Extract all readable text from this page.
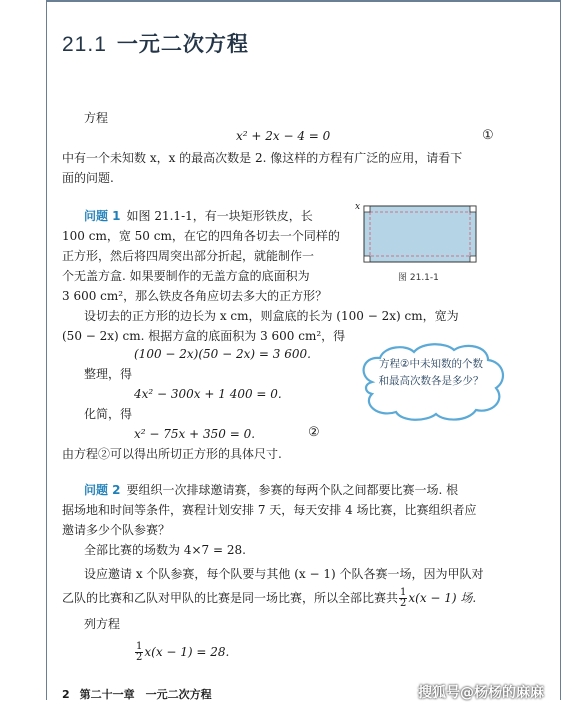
21.1 一元二次方程
方程
x² + 2x − 4 = 0	①
中有一个未知数 x，x 的最高次数是 2. 像这样的方程有广泛的应用，请看下
面的问题.
问题 1 如图 21.1-1，有一块矩形铁皮，长
100 cm，宽 50 cm，在它的四角各切去一个同样的
正方形，然后将四周突出部分折起，就能制作一
个无盖方盒. 如果要制作的无盖方盒的底面积为
3 600 cm²，那么铁皮各角应切去多大的正方形？
x
图 21.1-1
设切去的正方形的边长为 x cm，则盒底的长为 (100 − 2x) cm，宽为
(50 − 2x) cm. 根据方盒的底面积为 3 600 cm²，得
(100 − 2x)(50 − 2x) = 3 600.
整理，得
4x² − 300x + 1 400 = 0.
化简，得
x² − 75x + 350 = 0.	②
由方程②可以得出所切正方形的具体尺寸.
方程②中未知数的个数和最高次数各是多少？
问题 2 要组织一次排球邀请赛，参赛的每两个队之间都要比赛一场. 根
据场地和时间等条件，赛程计划安排 7 天，每天安排 4 场比赛，比赛组织者应
邀请多少个队参赛？
全部比赛的场数为 4×7 = 28.
设应邀请 x 个队参赛，每个队要与其他 (x − 1) 个队各赛一场，因为甲队对
乙队的比赛和乙队对甲队的比赛是同一场比赛，所以全部比赛共 $\frac{1}{2} x(x - 1)$ 场.
列方程
$\frac{1}{2} x(x - 1) = 28$.
2 第二十一章　一元二次方程	搜狐号@杨杨的麻麻
